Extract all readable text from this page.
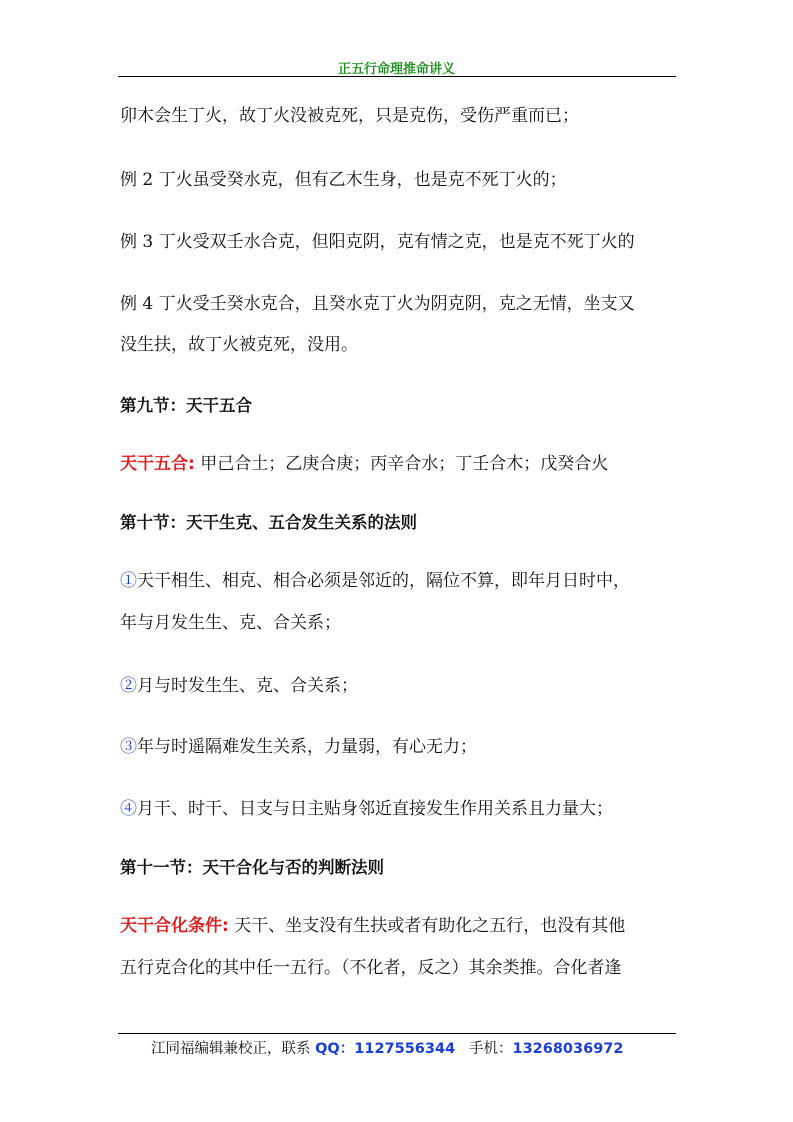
正五行命理推命讲义
卯木会生丁火，故丁火没被克死，只是克伤，受伤严重而已；
例 2 丁火虽受癸水克，但有乙木生身，也是克不死丁火的；
例 3 丁火受双壬水合克，但阳克阴，克有情之克，也是克不死丁火的
例 4 丁火受壬癸水克合，且癸水克丁火为阴克阴，克之无情，坐支又
没生扶，故丁火被克死，没用。
第九节：天干五合
天干五合: 甲己合土；乙庚合庚；丙辛合水；丁壬合木；戊癸合火
第十节：天干生克、五合发生关系的法则
①天干相生、相克、相合必须是邻近的，隔位不算，即年月日时中，
年与月发生生、克、合关系；
②月与时发生生、克、合关系；
③年与时遥隔难发生关系，力量弱，有心无力；
④月干、时干、日支与日主贴身邻近直接发生作用关系且力量大；
第十一节：天干合化与否的判断法则
天干合化条件: 天干、坐支没有生扶或者有助化之五行，也没有其他
五行克合化的其中任一五行。（不化者，反之）其余类推。合化者逢
江同福编辑兼校正，联系 QQ：1127556344   手机：13268036972
